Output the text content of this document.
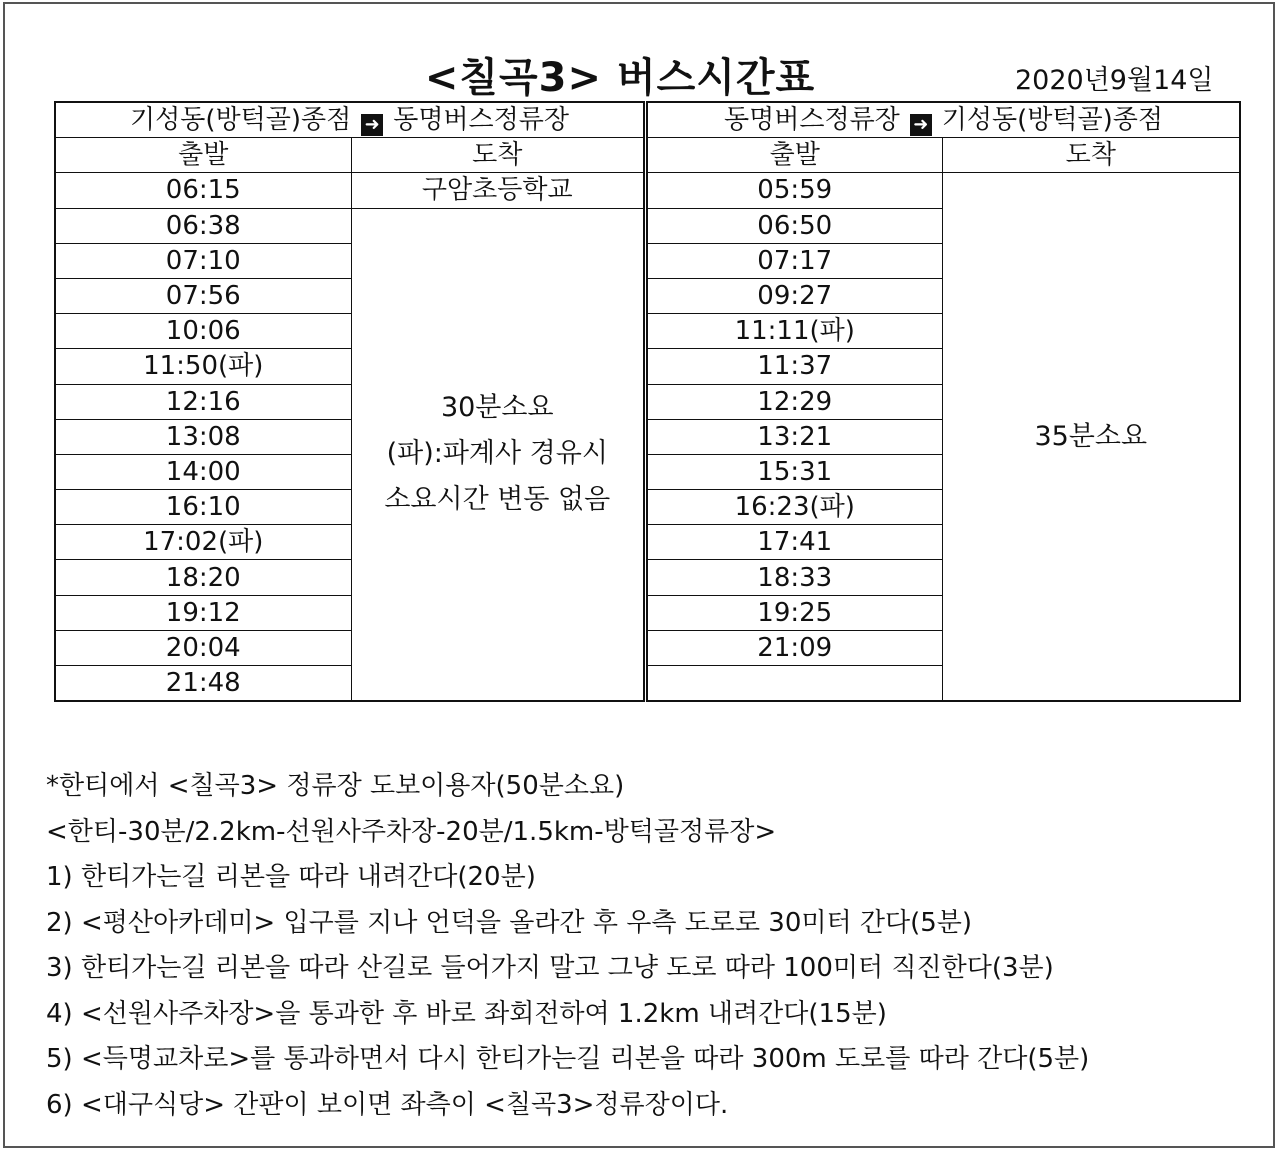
<칠곡3> 버스시간표	2020년9월14일
기성동(방턱골)종점 ➜ 동명버스정류장	
출발	도착
06:15	구암초등학교
06:38	30분소요
(파):파계사 경유시
소요시간 변동 없음

07:10	
07:56	
10:06	
11:50(파)	
12:16	
13:08	
14:00	
16:10	
17:02(파)	
18:20	
19:12	
20:04	
21:48	
동명버스정류장 ➜ 기성동(방턱골)종점	
출발	도착
05:59	35분소요
06:50	
07:17	
09:27	
11:11(파)	
11:37	
12:29	
13:21	
15:31	
16:23(파)	
17:41	
18:33	
19:25	
21:09	

*한티에서 <칠곡3> 정류장 도보이용자(50분소요)
<한티-30분/2.2km-선원사주차장-20분/1.5km-방턱골정류장>
1) 한티가는길 리본을 따라 내려간다(20분)
2) <평산아카데미> 입구를 지나 언덕을 올라간 후 우측 도로로 30미터 간다(5분)
3) 한티가는길 리본을 따라 산길로 들어가지 말고 그냥 도로 따라 100미터 직진한다(3분)
4) <선원사주차장>을 통과한 후 바로 좌회전하여 1.2km 내려간다(15분)
5) <득명교차로>를 통과하면서 다시 한티가는길 리본을 따라 300m 도로를 따라 간다(5분)
6) <대구식당> 간판이 보이면 좌측이 <칠곡3>정류장이다.
